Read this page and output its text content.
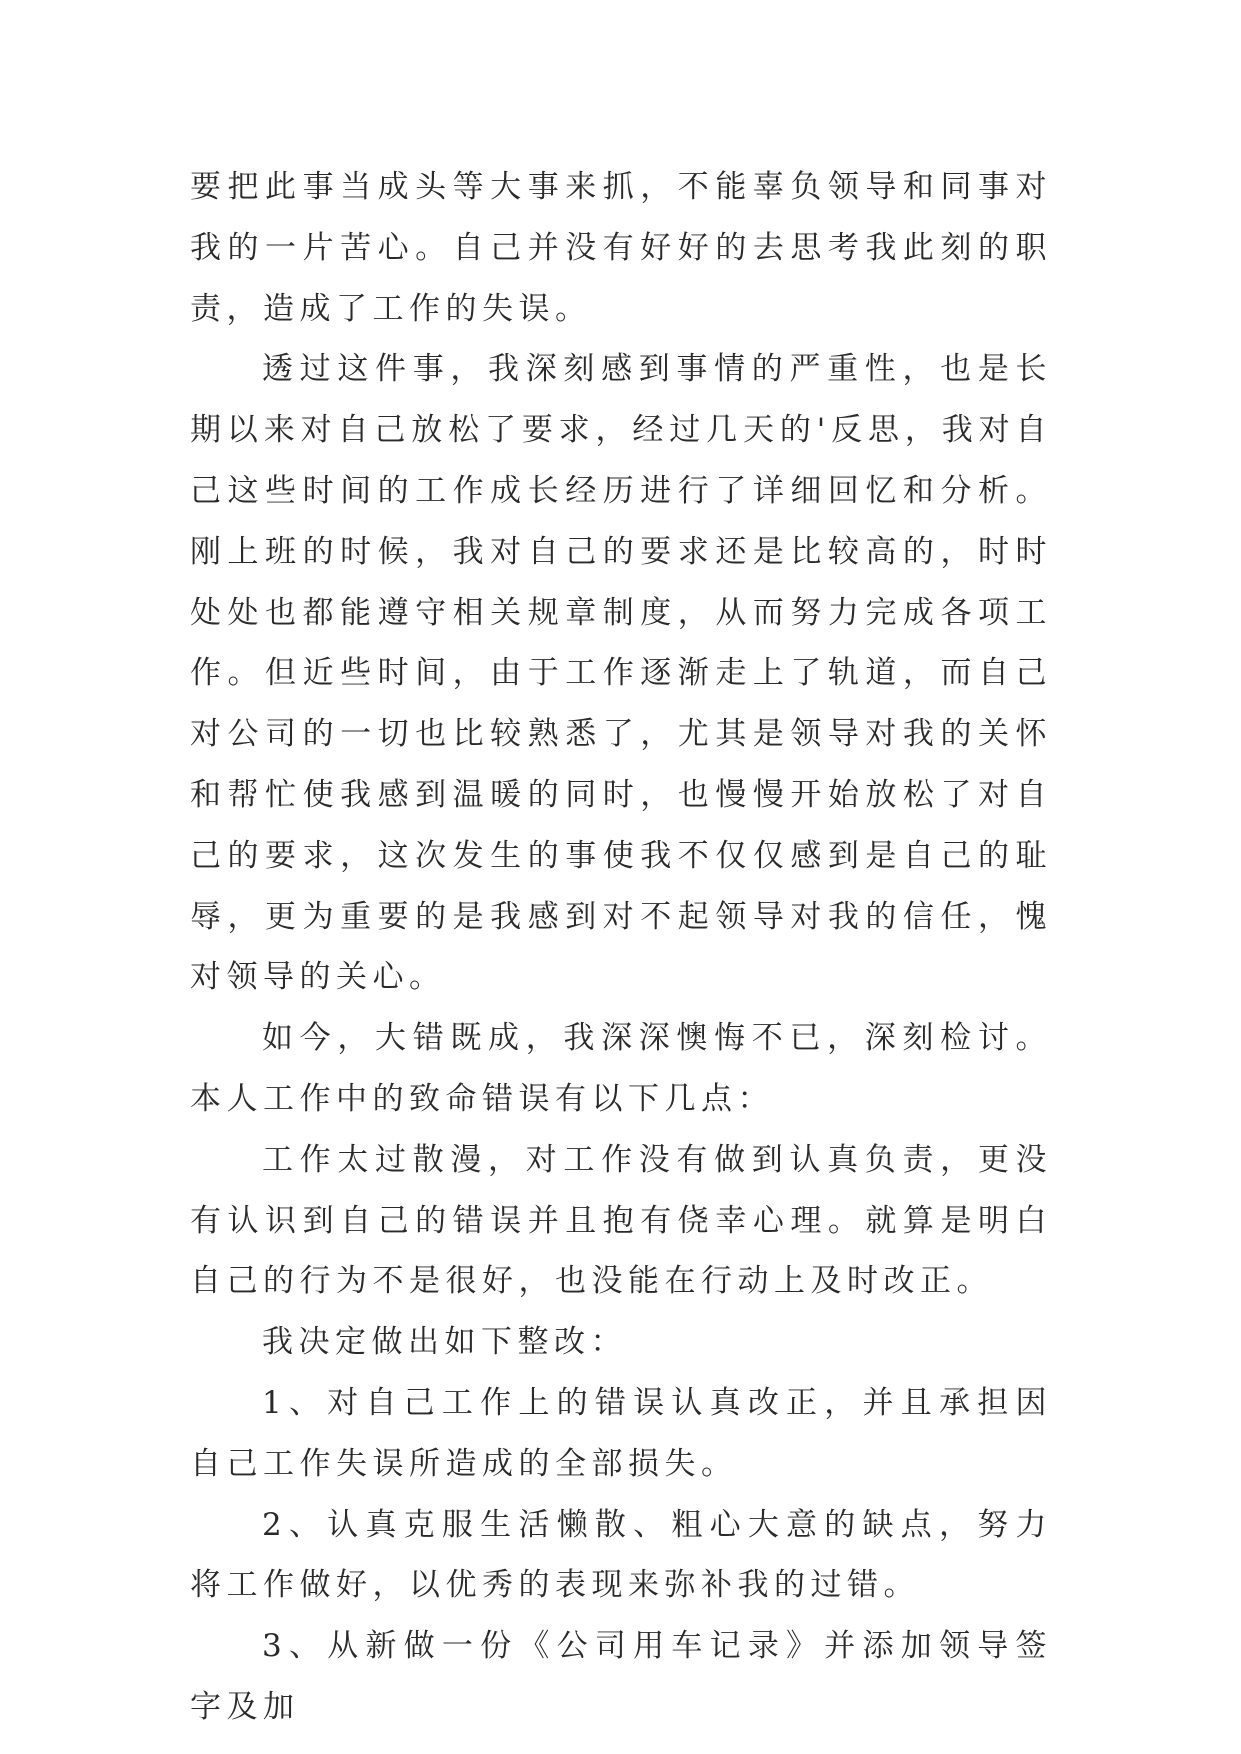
要把此事当成头等大事来抓，不能辜负领导和同事对我的一片苦心。自己并没有好好的去思考我此刻的职责，造成了工作的失误。

透过这件事，我深刻感到事情的严重性，也是长期以来对自己放松了要求，经过几天的'反思，我对自己这些时间的工作成长经历进行了详细回忆和分析。刚上班的时候，我对自己的要求还是比较高的，时时处处也都能遵守相关规章制度，从而努力完成各项工作。但近些时间，由于工作逐渐走上了轨道，而自己对公司的一切也比较熟悉了，尤其是领导对我的关怀和帮忙使我感到温暖的同时，也慢慢开始放松了对自己的要求，这次发生的事使我不仅仅感到是自己的耻辱，更为重要的是我感到对不起领导对我的信任，愧对领导的关心。

如今，大错既成，我深深懊悔不已，深刻检讨。本人工作中的致命错误有以下几点：

工作太过散漫，对工作没有做到认真负责，更没有认识到自己的错误并且抱有侥幸心理。就算是明白自己的行为不是很好，也没能在行动上及时改正。

我决定做出如下整改：

1、对自己工作上的错误认真改正，并且承担因自己工作失误所造成的全部损失。

2、认真克服生活懒散、粗心大意的缺点，努力将工作做好，以优秀的表现来弥补我的过错。

3、从新做一份《公司用车记录》并添加领导签字及加
